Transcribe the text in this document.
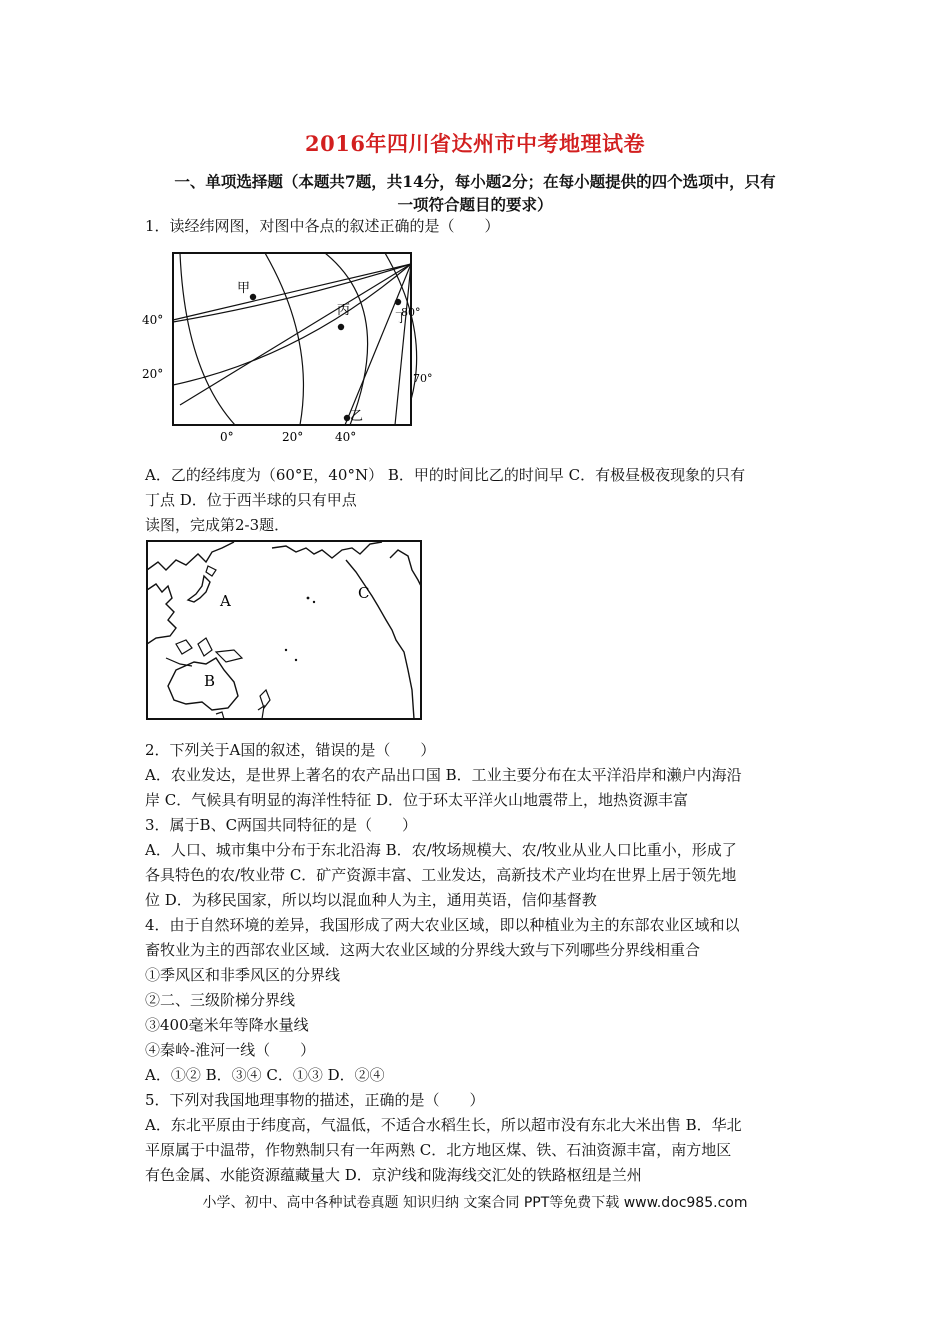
2016年四川省达州市中考地理试卷
一、单项选择题（本题共7题，共14分，每小题2分；在每小题提供的四个选项中，只有
一项符合题目的要求）
1．读经纬网图，对图中各点的叙述正确的是（　　）
甲
丙
丁
乙
40°
20°
0°	20°	40°
80°
70°
A．乙的经纬度为（60°E，40°N） B．甲的时间比乙的时间早 C．有极昼极夜现象的只有
丁点 D．位于西半球的只有甲点
读图，完成第2-3题．
A
B
C
2．下列关于A国的叙述，错误的是（　　）
A．农业发达，是世界上著名的农产品出口国 B．工业主要分布在太平洋沿岸和濑户内海沿
岸 C．气候具有明显的海洋性特征 D．位于环太平洋火山地震带上，地热资源丰富
3．属于B、C两国共同特征的是（　　）
A．人口、城市集中分布于东北沿海 B．农/牧场规模大、农/牧业从业人口比重小，形成了
各具特色的农/牧业带 C．矿产资源丰富、工业发达，高新技术产业均在世界上居于领先地
位 D．为移民国家，所以均以混血种人为主，通用英语，信仰基督教
4．由于自然环境的差异，我国形成了两大农业区域，即以种植业为主的东部农业区域和以
畜牧业为主的西部农业区域．这两大农业区域的分界线大致与下列哪些分界线相重合
①季风区和非季风区的分界线
②二、三级阶梯分界线
③400毫米年等降水量线
④秦岭-淮河一线（　　）
A．①② B．③④ C．①③ D．②④
5．下列对我国地理事物的描述，正确的是（　　）
A．东北平原由于纬度高，气温低，不适合水稻生长，所以超市没有东北大米出售 B．华北
平原属于中温带，作物熟制只有一年两熟 C．北方地区煤、铁、石油资源丰富，南方地区
有色金属、水能资源蕴藏量大 D．京沪线和陇海线交汇处的铁路枢纽是兰州
小学、初中、高中各种试卷真题 知识归纳 文案合同 PPT等免费下载 www.doc985.com
